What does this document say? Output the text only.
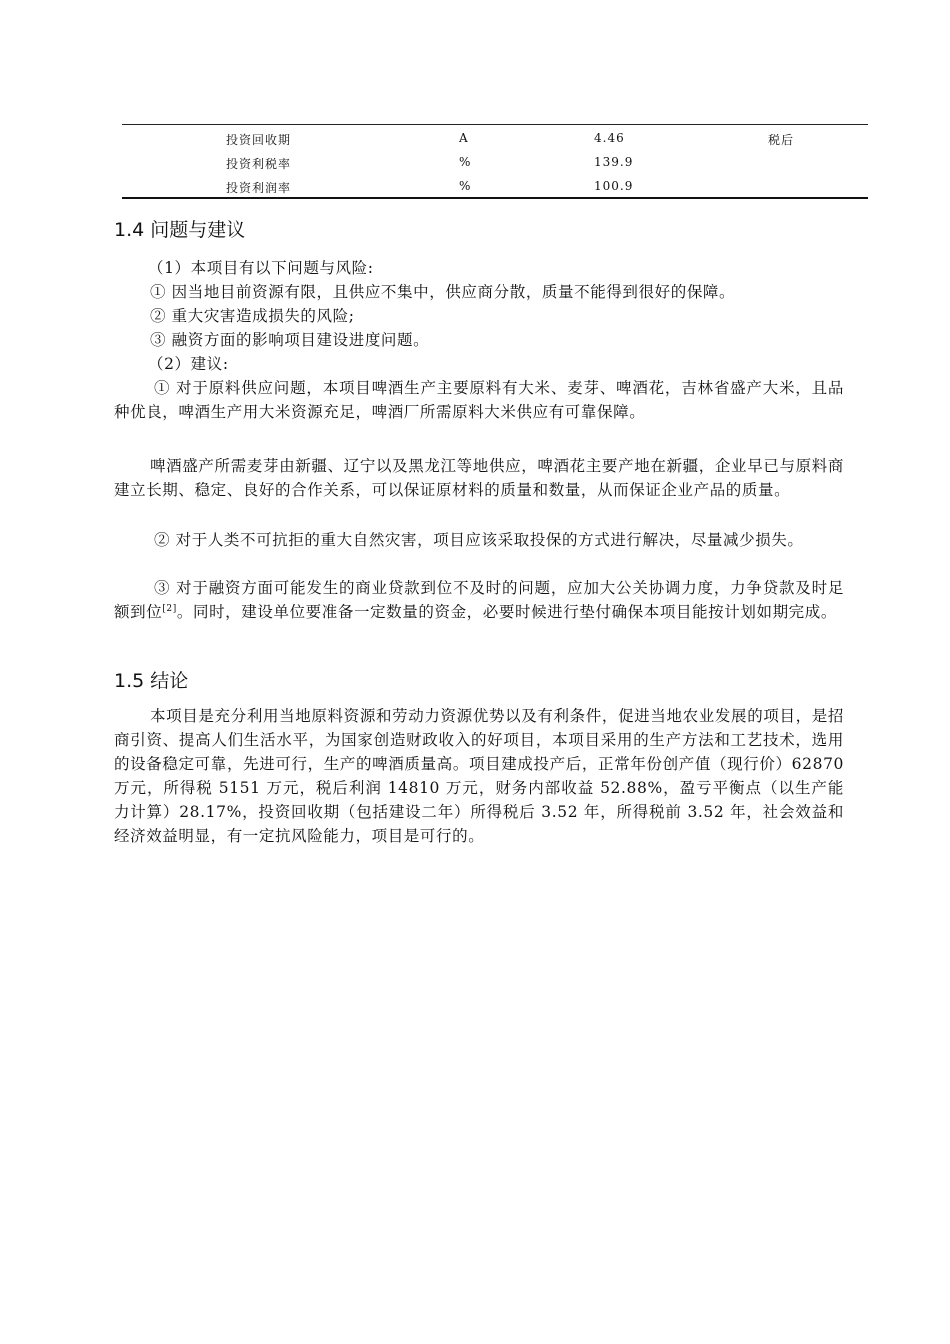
投资回收期	A	4.46	税后
投资利税率	%	139.9
投资利润率	%	100.9
1.4 问题与建议
（1）本项目有以下问题与风险:
① 因当地目前资源有限，且供应不集中，供应商分散，质量不能得到很好的保障。
② 重大灾害造成损失的风险;
③ 融资方面的影响项目建设进度问题。
（2）建议:
① 对于原料供应问题，本项目啤酒生产主要原料有大米、麦芽、啤酒花，吉林省盛产大米，且品种优良，啤酒生产用大米资源充足，啤酒厂所需原料大米供应有可靠保障。
啤酒盛产所需麦芽由新疆、辽宁以及黑龙江等地供应，啤酒花主要产地在新疆，企业早已与原料商建立长期、稳定、良好的合作关系，可以保证原材料的质量和数量，从而保证企业产品的质量。
② 对于人类不可抗拒的重大自然灾害，项目应该采取投保的方式进行解决，尽量减少损失。
③ 对于融资方面可能发生的商业贷款到位不及时的问题，应加大公关协调力度，力争贷款及时足额到位[2]。同时，建设单位要准备一定数量的资金，必要时候进行垫付确保本项目能按计划如期完成。
1.5 结论
本项目是充分利用当地原料资源和劳动力资源优势以及有利条件，促进当地农业发展的项目，是招商引资、提高人们生活水平，为国家创造财政收入的好项目，本项目采用的生产方法和工艺技术，选用的设备稳定可靠，先进可行，生产的啤酒质量高。项目建成投产后，正常年份创产值（现行价）62870 万元，所得税 5151 万元，税后利润 14810 万元，财务内部收益 52.88%，盈亏平衡点（以生产能力计算）28.17%，投资回收期（包括建设二年）所得税后 3.52 年，所得税前 3.52 年，社会效益和经济效益明显，有一定抗风险能力，项目是可行的。
